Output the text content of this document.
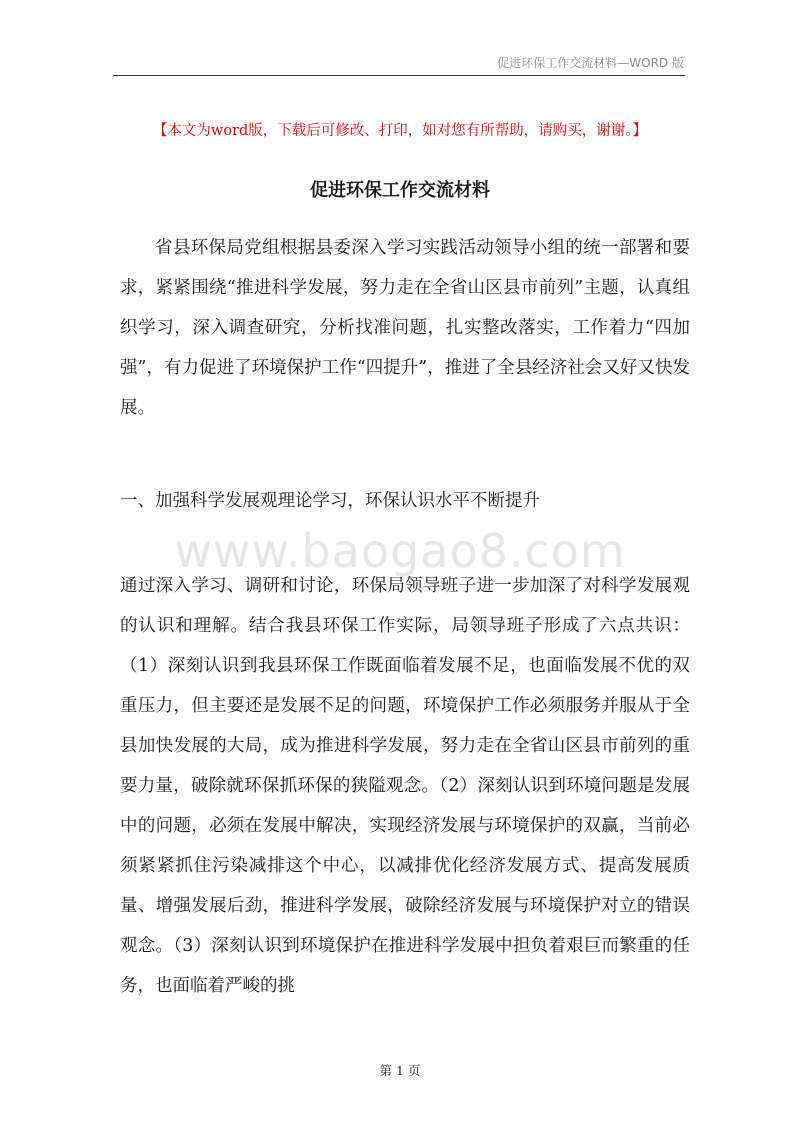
促进环保工作交流材料—WORD 版
【本文为word版，下载后可修改、打印，如对您有所帮助，请购买，谢谢。】
促进环保工作交流材料
省县环保局党组根据县委深入学习实践活动领导小组的统一部署和要求，紧紧围绕“推进科学发展，努力走在全省山区县市前列”主题，认真组织学习，深入调查研究，分析找准问题，扎实整改落实，工作着力“四加强”，有力促进了环境保护工作“四提升”，推进了全县经济社会又好又快发展。
一、加强科学发展观理论学习，环保认识水平不断提升
www.baogao8.com
通过深入学习、调研和讨论，环保局领导班子进一步加深了对科学发展观的认识和理解。结合我县环保工作实际，局领导班子形成了六点共识：（1）深刻认识到我县环保工作既面临着发展不足，也面临发展不优的双重压力，但主要还是发展不足的问题，环境保护工作必须服务并服从于全县加快发展的大局，成为推进科学发展，努力走在全省山区县市前列的重要力量，破除就环保抓环保的狭隘观念。（2）深刻认识到环境问题是发展中的问题，必须在发展中解决，实现经济发展与环境保护的双赢，当前必须紧紧抓住污染减排这个中心，以减排优化经济发展方式、提高发展质量、增强发展后劲，推进科学发展，破除经济发展与环境保护对立的错误观念。（3）深刻认识到环境保护在推进科学发展中担负着艰巨而繁重的任务，也面临着严峻的挑
第 1 页
